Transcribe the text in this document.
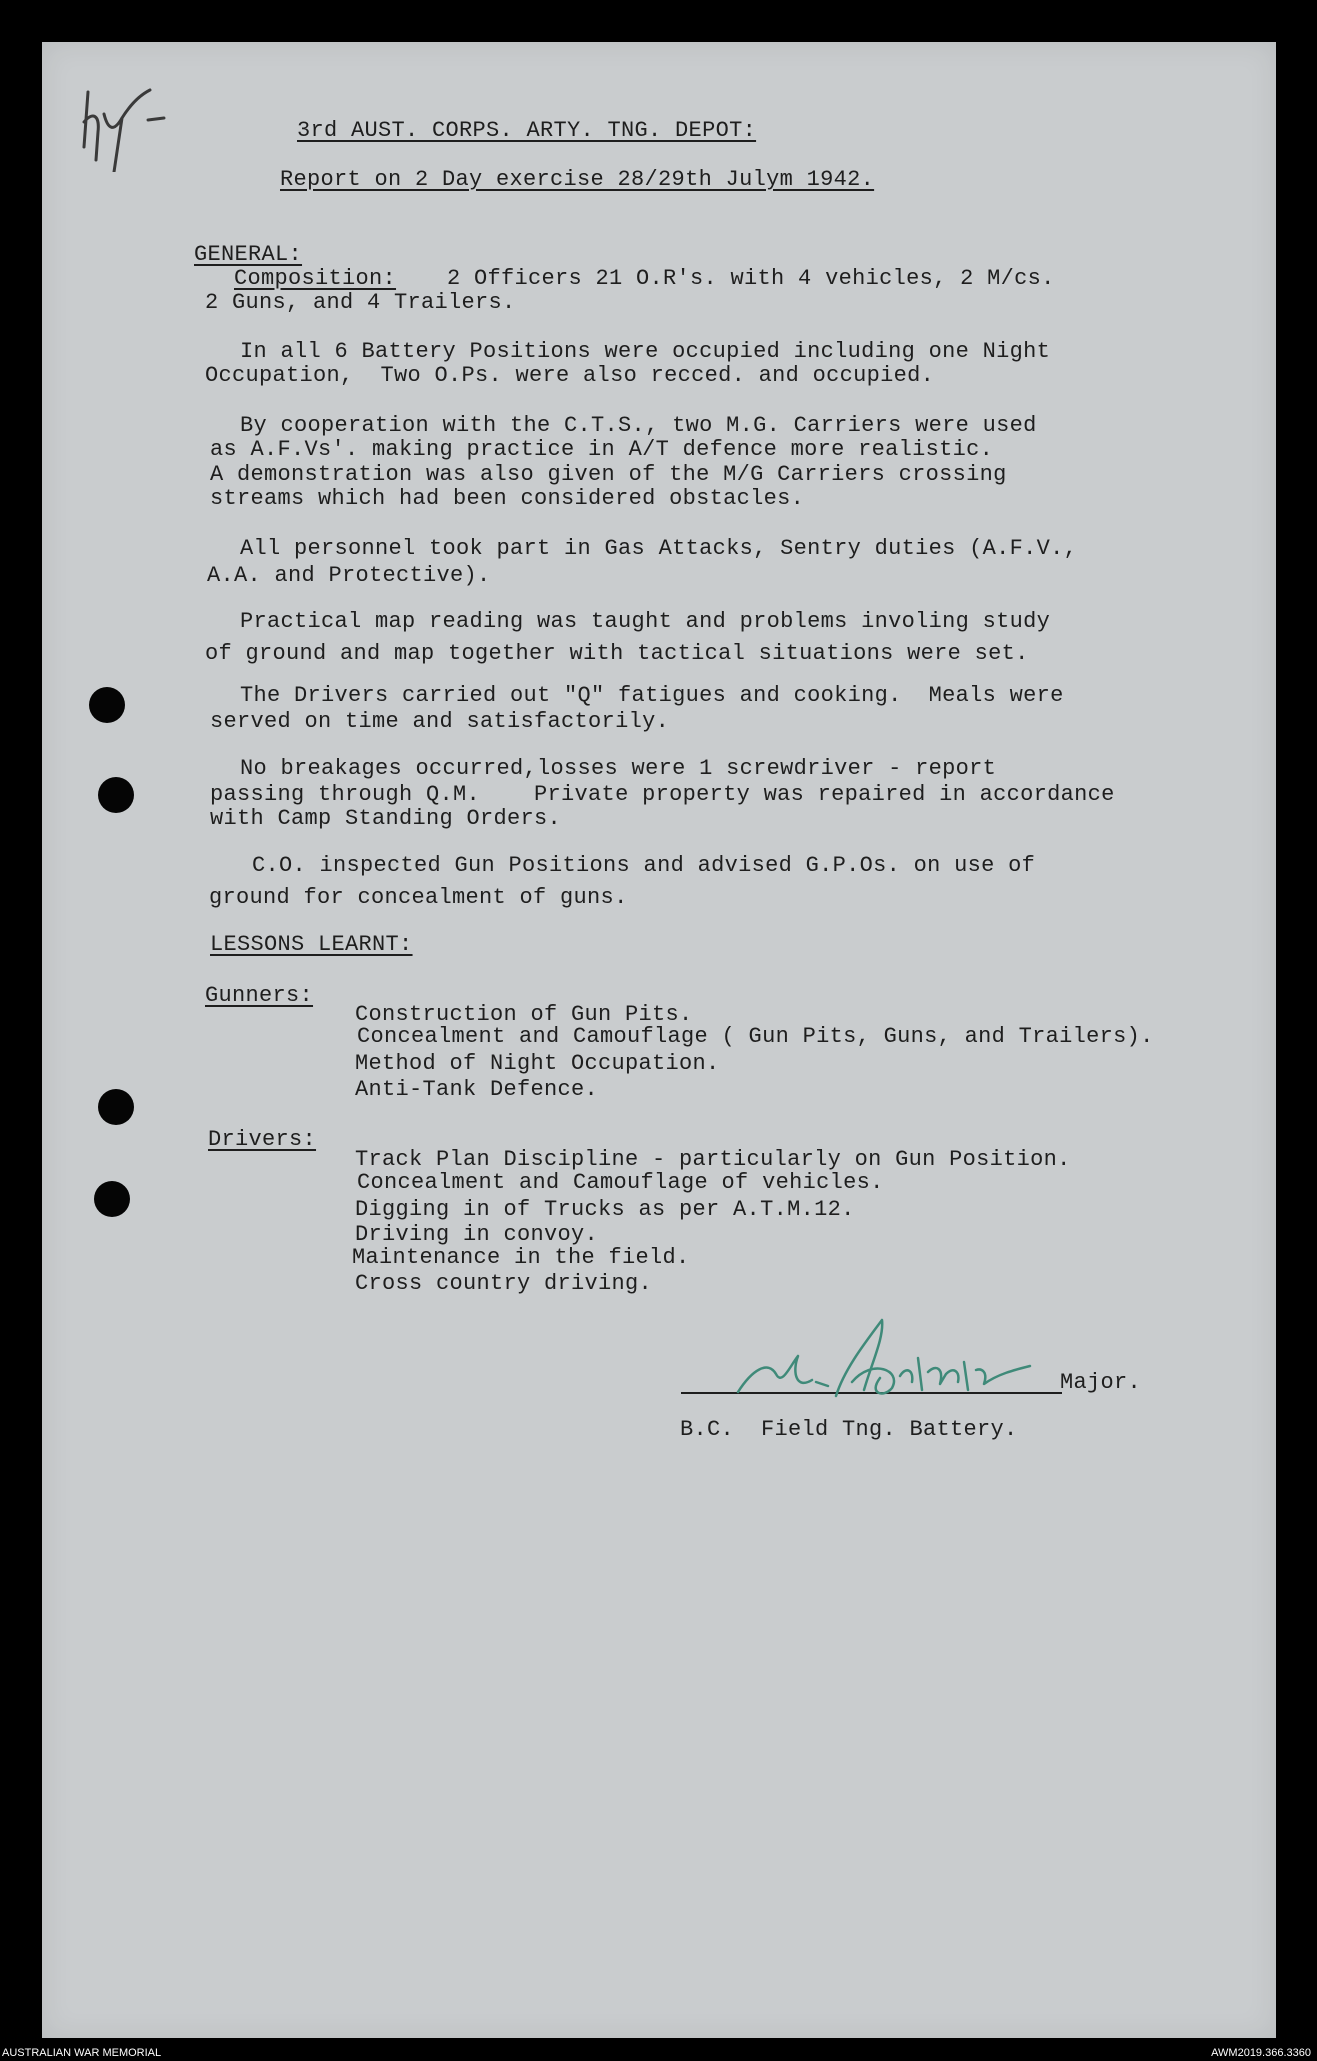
3rd AUST. CORPS. ARTY. TNG. DEPOT:
Report on 2 Day exercise 28/29th Julym 1942.
GENERAL:
Composition: 2 Officers 21 O.R's. with 4 vehicles, 2 M/cs.
2 Guns, and 4 Trailers.
In all 6 Battery Positions were occupied including one Night
Occupation,  Two O.Ps. were also recced. and occupied.
By cooperation with the C.T.S., two M.G. Carriers were used
as A.F.Vs'. making practice in A/T defence more realistic.
A demonstration was also given of the M/G Carriers crossing
streams which had been considered obstacles.
All personnel took part in Gas Attacks, Sentry duties (A.F.V.,
A.A. and Protective).
Practical map reading was taught and problems involing study
of ground and map together with tactical situations were set.
The Drivers carried out "Q" fatigues and cooking.  Meals were
served on time and satisfactorily.
No breakages occurred,losses were 1 screwdriver - report
passing through Q.M.    Private property was repaired in accordance
with Camp Standing Orders.
C.O. inspected Gun Positions and advised G.P.Os. on use of
ground for concealment of guns.
LESSONS LEARNT:
Gunners:
Construction of Gun Pits.
Concealment and Camouflage ( Gun Pits, Guns, and Trailers).
Method of Night Occupation.
Anti-Tank Defence.
Drivers:
Track Plan Discipline - particularly on Gun Position.
Concealment and Camouflage of vehicles.
Digging in of Trucks as per A.T.M.12.
Driving in convoy.
Maintenance in the field.
Cross country driving.
Major.
B.C.  Field Tng. Battery.
AUSTRALIAN WAR MEMORIAL	AWM2019.366.3360
